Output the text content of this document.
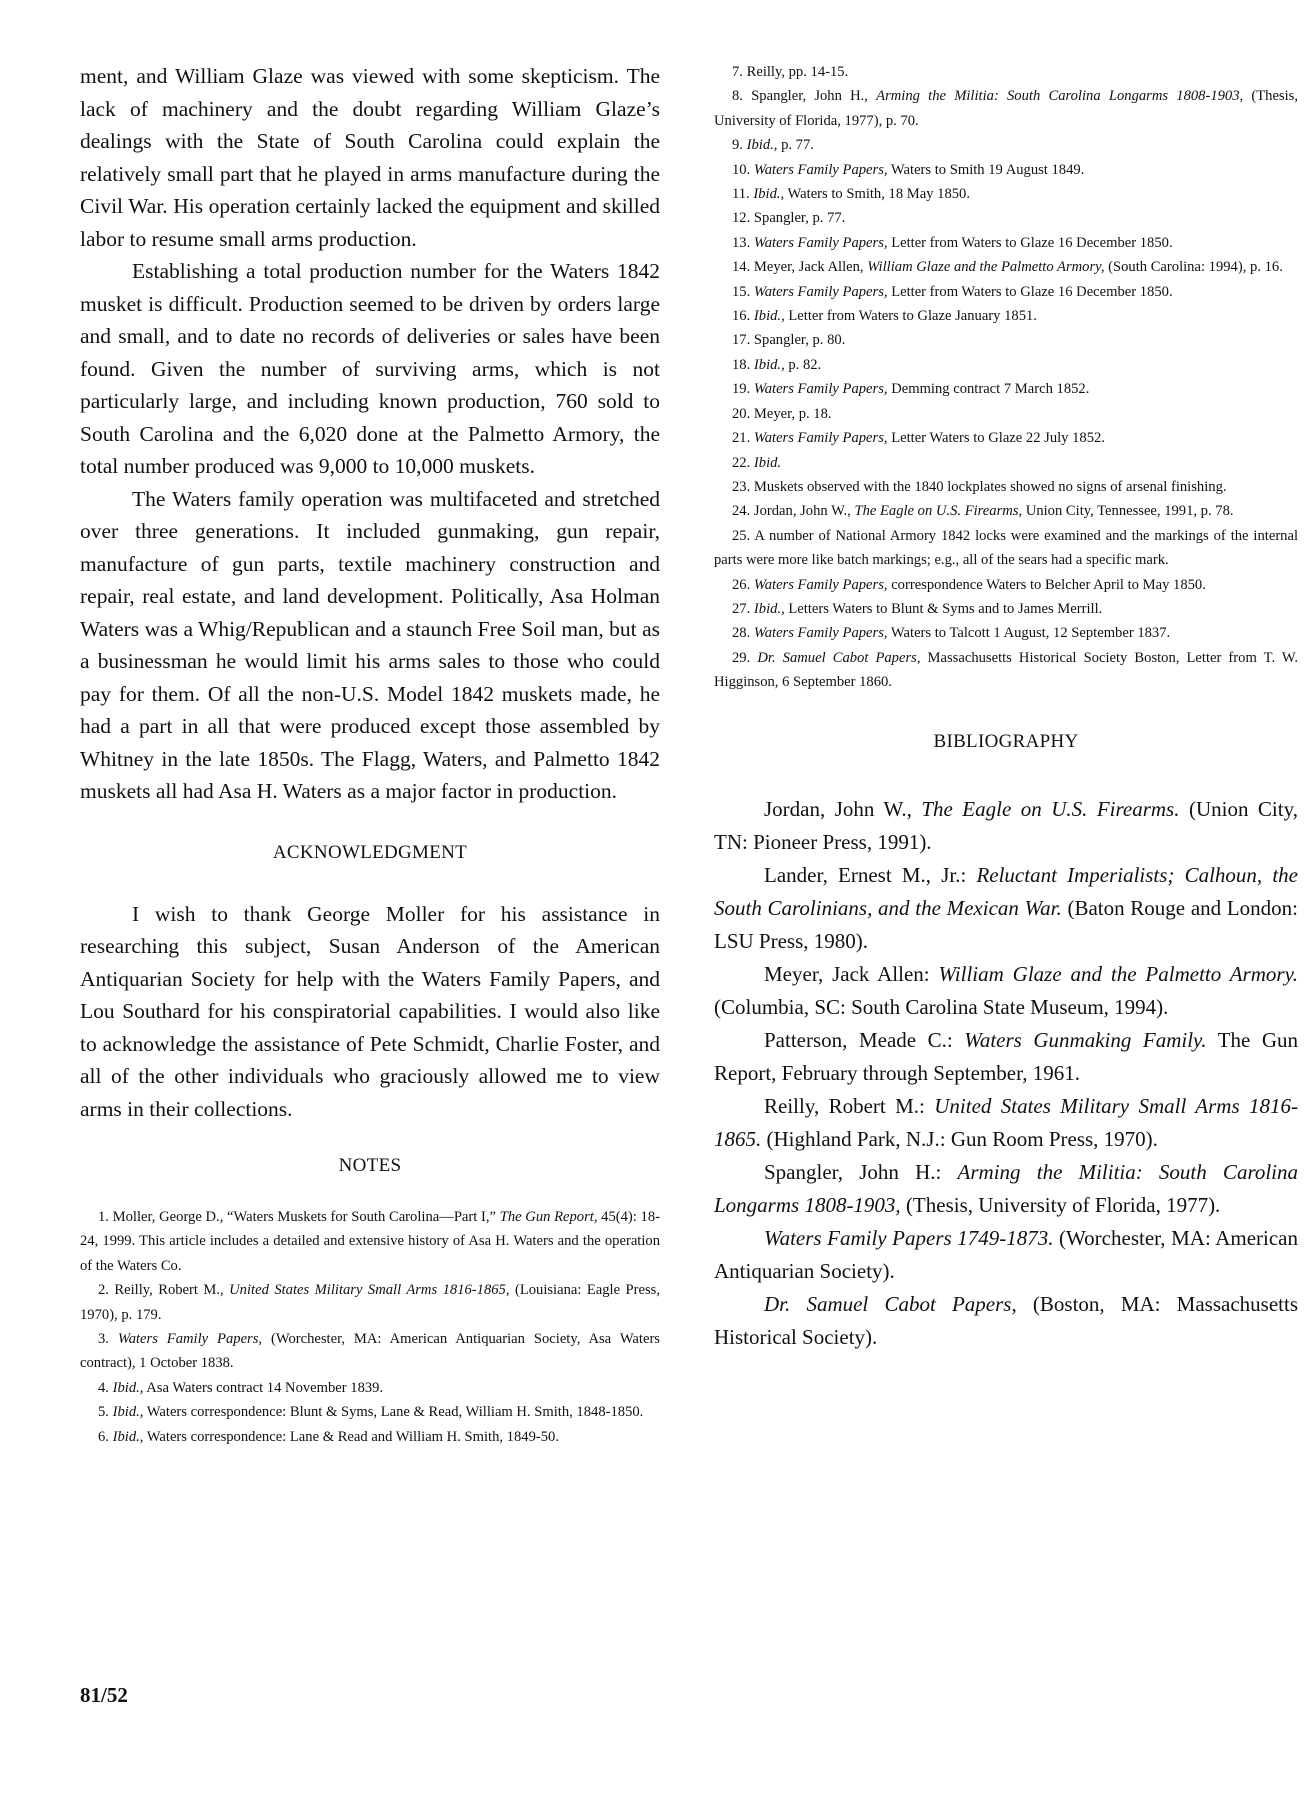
ment, and William Glaze was viewed with some skepticism. The lack of machinery and the doubt regarding William Glaze’s dealings with the State of South Carolina could explain the relatively small part that he played in arms manufacture during the Civil War. His operation certainly lacked the equipment and skilled labor to resume small arms production.

Establishing a total production number for the Waters 1842 musket is difficult. Production seemed to be driven by orders large and small, and to date no records of deliveries or sales have been found. Given the number of surviving arms, which is not particularly large, and including known production, 760 sold to South Carolina and the 6,020 done at the Palmetto Armory, the total number produced was 9,000 to 10,000 muskets.

The Waters family operation was multifaceted and stretched over three generations. It included gunmaking, gun repair, manufacture of gun parts, textile machinery construction and repair, real estate, and land development. Politically, Asa Holman Waters was a Whig/Republican and a staunch Free Soil man, but as a businessman he would limit his arms sales to those who could pay for them. Of all the non-U.S. Model 1842 muskets made, he had a part in all that were produced except those assembled by Whitney in the late 1850s. The Flagg, Waters, and Palmetto 1842 muskets all had Asa H. Waters as a major factor in production.

ACKNOWLEDGMENT

I wish to thank George Moller for his assistance in researching this subject, Susan Anderson of the American Antiquarian Society for help with the Waters Family Papers, and Lou Southard for his conspiratorial capabilities. I would also like to acknowledge the assistance of Pete Schmidt, Charlie Foster, and all of the other individuals who graciously allowed me to view arms in their collections.

NOTES

1. Moller, George D., “Waters Muskets for South Carolina—Part I,” The Gun Report, 45(4): 18-24, 1999. This article includes a detailed and extensive history of Asa H. Waters and the operation of the Waters Co.

2. Reilly, Robert M., United States Military Small Arms 1816-1865, (Louisiana: Eagle Press, 1970), p. 179.

3. Waters Family Papers, (Worchester, MA: American Antiquarian Society, Asa Waters contract), 1 October 1838.

4. Ibid., Asa Waters contract 14 November 1839.

5. Ibid., Waters correspondence: Blunt & Syms, Lane & Read, William H. Smith, 1848-1850.

6. Ibid., Waters correspondence: Lane & Read and William H. Smith, 1849-50.

7. Reilly, pp. 14-15.

8. Spangler, John H., Arming the Militia: South Carolina Longarms 1808-1903, (Thesis, University of Florida, 1977), p. 70.

9. Ibid., p. 77.

10. Waters Family Papers, Waters to Smith 19 August 1849.

11. Ibid., Waters to Smith, 18 May 1850.

12. Spangler, p. 77.

13. Waters Family Papers, Letter from Waters to Glaze 16 December 1850.

14. Meyer, Jack Allen, William Glaze and the Palmetto Armory, (South Carolina: 1994), p. 16.

15. Waters Family Papers, Letter from Waters to Glaze 16 December 1850.

16. Ibid., Letter from Waters to Glaze January 1851.

17. Spangler, p. 80.

18. Ibid., p. 82.

19. Waters Family Papers, Demming contract 7 March 1852.

20. Meyer, p. 18.

21. Waters Family Papers, Letter Waters to Glaze 22 July 1852.

22. Ibid.

23. Muskets observed with the 1840 lockplates showed no signs of arsenal finishing.

24. Jordan, John W., The Eagle on U.S. Firearms, Union City, Tennessee, 1991, p. 78.

25. A number of National Armory 1842 locks were examined and the markings of the internal parts were more like batch markings; e.g., all of the sears had a specific mark.

26. Waters Family Papers, correspondence Waters to Belcher April to May 1850.

27. Ibid., Letters Waters to Blunt & Syms and to James Merrill.

28. Waters Family Papers, Waters to Talcott 1 August, 12 September 1837.

29. Dr. Samuel Cabot Papers, Massachusetts Historical Society Boston, Letter from T. W. Higginson, 6 September 1860.

BIBLIOGRAPHY

Jordan, John W., The Eagle on U.S. Firearms. (Union City, TN: Pioneer Press, 1991).

Lander, Ernest M., Jr.: Reluctant Imperialists; Calhoun, the South Carolinians, and the Mexican War. (Baton Rouge and London: LSU Press, 1980).

Meyer, Jack Allen: William Glaze and the Palmetto Armory. (Columbia, SC: South Carolina State Museum, 1994).

Patterson, Meade C.: Waters Gunmaking Family. The Gun Report, February through September, 1961.

Reilly, Robert M.: United States Military Small Arms 1816-1865. (Highland Park, N.J.: Gun Room Press, 1970).

Spangler, John H.: Arming the Militia: South Carolina Longarms 1808-1903, (Thesis, University of Florida, 1977).

Waters Family Papers 1749-1873. (Worchester, MA: American Antiquarian Society).

Dr. Samuel Cabot Papers, (Boston, MA: Massachusetts Historical Society).

81/52
